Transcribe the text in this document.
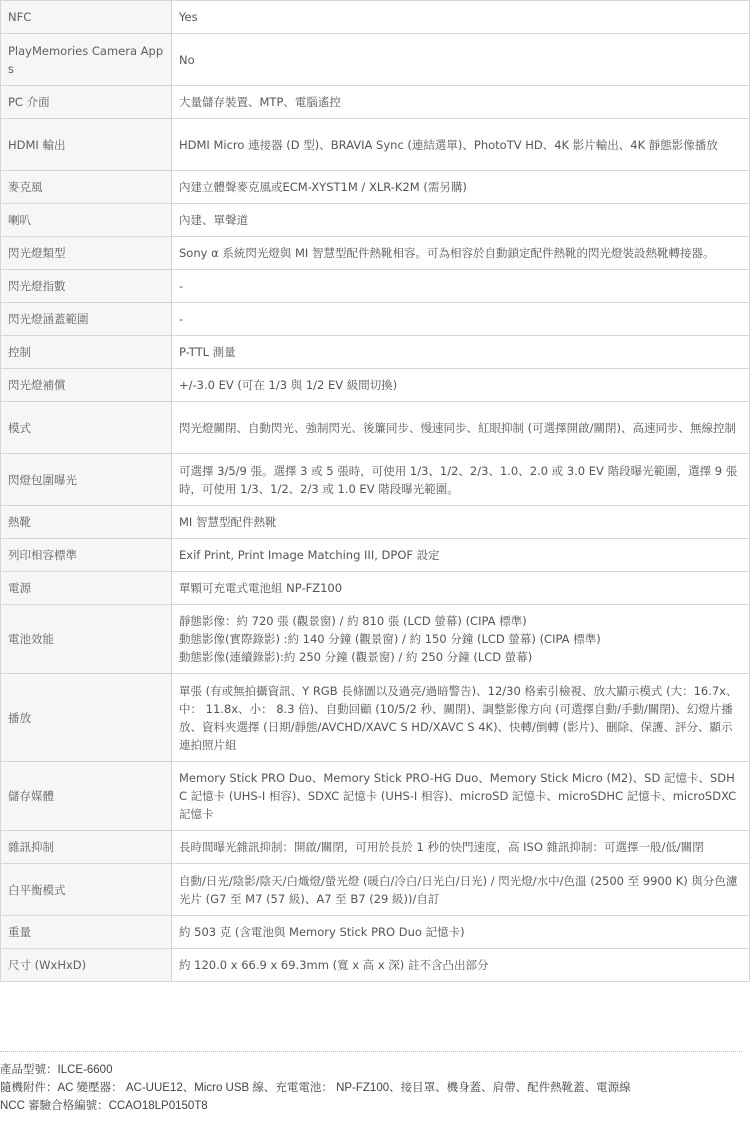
NFC	Yes

PlayMemories Camera Apps	No

PC 介面	大量儲存裝置、MTP、電腦遙控

HDMI 輸出	HDMI Micro 連接器 (D 型)、BRAVIA Sync (連結選單)、PhotoTV HD、4K 影片輸出、4K 靜態影像播放

麥克風	內建立體聲麥克風或ECM-XYST1M / XLR-K2M (需另購)

喇叭	內建、單聲道

閃光燈類型	Sony α 系統閃光燈與 MI 智慧型配件熱靴相容。可為相容於自動鎖定配件熱靴的閃光燈裝設熱靴轉接器。

閃光燈指數	-

閃光燈涵蓋範圍	-

控制	P-TTL 測量

閃光燈補償	+/-3.0 EV (可在 1/3 與 1/2 EV 級間切換)

模式	閃光燈關閉、自動閃光、強制閃光、後簾同步、慢速同步、紅眼抑制 (可選擇開啟/關閉)、高速同步、無線控制

閃燈包圍曝光	可選擇 3/5/9 張。選擇 3 或 5 張時，可使用 1/3、1/2、2/3、1.0、2.0 或 3.0 EV 階段曝光範圍，選擇 9 張時，可使用 1/3、1/2、2/3 或 1.0 EV 階段曝光範圍。

熱靴	MI 智慧型配件熱靴

列印相容標準	Exif Print, Print Image Matching III, DPOF 設定

電源	單顆可充電式電池組 NP-FZ100

電池效能	靜態影像：約 720 張 (觀景窗) / 約 810 張 (LCD 螢幕) (CIPA 標準)
動態影像(實際錄影) :約 140 分鐘 (觀景窗) / 約 150 分鐘 (LCD 螢幕) (CIPA 標準)
動態影像(連續錄影):約 250 分鐘 (觀景窗) / 約 250 分鐘 (LCD 螢幕)

播放	單張 (有或無拍攝資訊、Y RGB 長條圖以及過亮/過暗警告)、12/30 格索引檢視、放大顯示模式 (大：16.7x、中： 11.8x、小： 8.3 倍)、自動回顧 (10/5/2 秒、關閉)、調整影像方向 (可選擇自動/手動/關閉)、幻燈片播放、資料夾選擇 (日期/靜態/AVCHD/XAVC S HD/XAVC S 4K)、快轉/倒轉 (影片)、刪除、保護、評分、顯示連拍照片組

儲存媒體	Memory Stick PRO Duo、Memory Stick PRO-HG Duo、Memory Stick Micro (M2)、SD 記憶卡、SDHC 記憶卡 (UHS-I 相容)、SDXC 記憶卡 (UHS-I 相容)、microSD 記憶卡、microSDHC 記憶卡、microSDXC 記憶卡

雜訊抑制	長時間曝光雜訊抑制：開啟/關閉，可用於長於 1 秒的快門速度，高 ISO 雜訊抑制：可選擇一般/低/關閉

白平衡模式	自動/日光/陰影/陰天/白熾燈/螢光燈 (暖白/冷白/日光白/日光) / 閃光燈/水中/色溫 (2500 至 9900 K) 與分色濾光片 (G7 至 M7 (57 級)、A7 至 B7 (29 級))/自訂

重量	約 503 克 (含電池與 Memory Stick PRO Duo 記憶卡)

尺寸 (WxHxD)	約 120.0 x 66.9 x 69.3mm (寬 x 高 x 深) 註不含凸出部分
產品型號：ILCE-6600
隨機附件：AC 變壓器： AC-UUE12、Micro USB 線、充電電池： NP-FZ100、接目罩、機身蓋、肩帶、配件熱靴蓋、電源線
NCC 審驗合格編號：CCAO18LP0150T8
